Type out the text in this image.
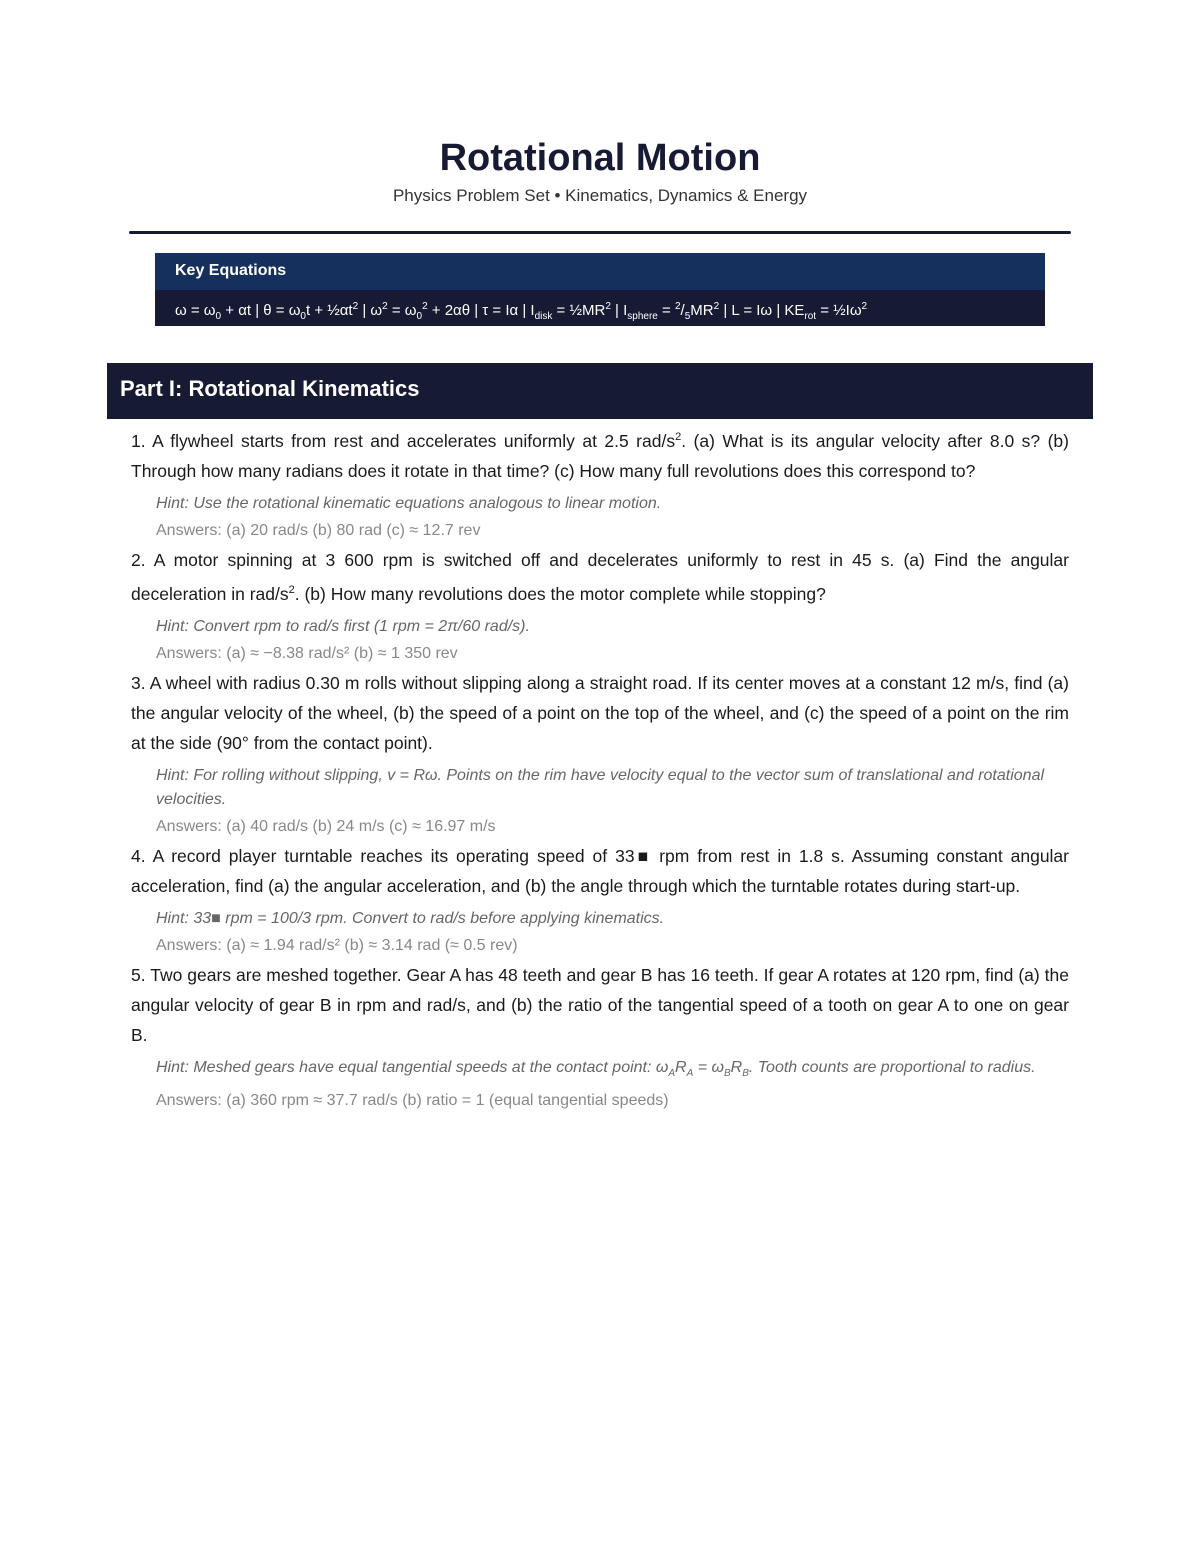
Rotational Motion
Physics Problem Set • Kinematics, Dynamics & Energy
Key Equations
$\omega = \omega_0 + \alpha t$ | $\theta = \omega_0t$ + $\frac{1}{2}\alpha t^2$ | $\omega^2 = \omega_0^2 + 2\alpha\theta$ | τ = Iα | $I_{disk}$ = $\frac{1}{2}MR^2$ | $I_{sphere} = ^2/_5MR^2$ | L = Iω | $KE_{rot}$ = $\frac{1}{2}I\omega^2$
Part I: Rotational Kinematics

1. A flywheel starts from rest and accelerates uniformly at 2.5 rad/$s^2$. (a) What is its angular velocity after 8.0 s? (b) Through how many radians does it rotate in that time? (c) How many full revolutions does this correspond to?

Hint: Use the rotational kinematic equations analogous to linear motion.
Answers: (a) 20 rad/s (b) 80 rad (c) ≈ 12.7 rev

2. A motor spinning at 3 600 rpm is switched off and decelerates uniformly to rest in 45 s. (a) Find the angular deceleration in rad/$s^2$. (b) How many revolutions does the motor complete while stopping?

Hint: Convert rpm to rad/s first (1 rpm = 2π/60 rad/s).
Answers: (a) ≈ −8.38 rad/s² (b) ≈ 1 350 rev

3. A wheel with radius 0.30 m rolls without slipping along a straight road. If its center moves at a constant 12 m/s, find (a) the angular velocity of the wheel, (b) the speed of a point on the top of the wheel, and (c) the speed of a point on the rim at the side (90° from the contact point).

Hint: For rolling without slipping, v = Rω. Points on the rim have velocity equal to the vector sum of translational and rotational velocities.
Answers: (a) 40 rad/s (b) 24 m/s (c) ≈ 16.97 m/s

4. A record player turntable reaches its operating speed of 33■ rpm from rest in 1.8 s. Assuming constant angular acceleration, find (a) the angular acceleration, and (b) the angle through which the turntable rotates during start-up.

Hint: 33■ rpm = 100/3 rpm. Convert to rad/s before applying kinematics.
Answers: (a) ≈ 1.94 rad/s² (b) ≈ 3.14 rad (≈ 0.5 rev)

5. Two gears are meshed together. Gear A has 48 teeth and gear B has 16 teeth. If gear A rotates at 120 rpm, find (a) the angular velocity of gear B in rpm and rad/s, and (b) the ratio of the tangential speed of a tooth on gear A to one on gear B.

Hint: Meshed gears have equal tangential speeds at the contact point: $\omega_AR_A = \omega_BR_B$. Tooth counts are proportional to radius.
Answers: (a) 360 rpm ≈ 37.7 rad/s (b) ratio = 1 (equal tangential speeds)
